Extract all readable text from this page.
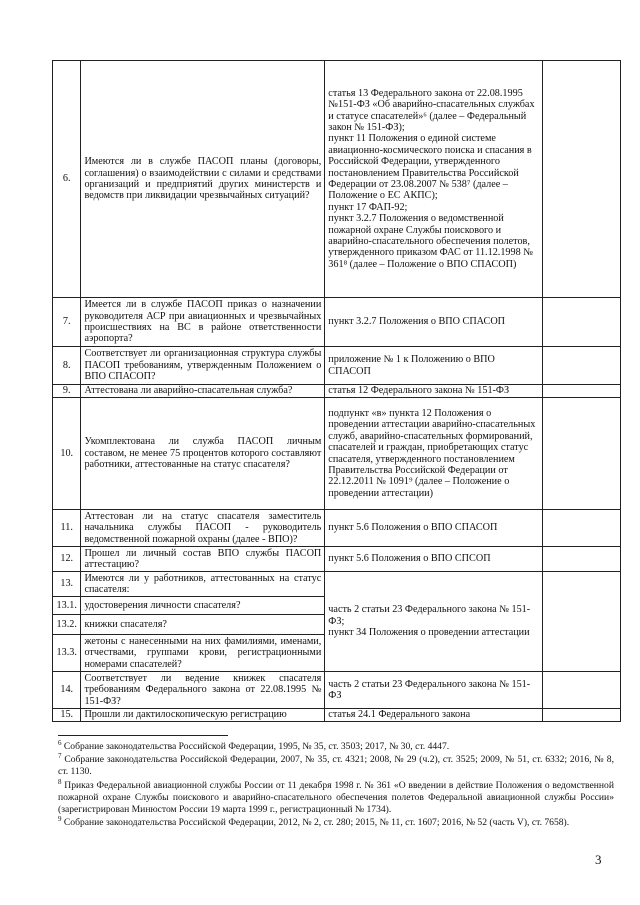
6.	Имеются ли в службе ПАСОП планы (договоры, соглашения) о взаимодействии с силами и средствами организаций и предприятий других министерств и ведомств при ликвидации чрезвычайных ситуаций?	статья 13 Федерального закона от 22.08.1995 №151-ФЗ «Об аварийно-спасательных службах и статусе спасателей»⁶ (далее – Федеральный закон № 151-ФЗ);
пункт 11 Положения о единой системе авиационно-космического поиска и спасания в Российской Федерации, утвержденного постановлением Правительства Российской Федерации от 23.08.2007 № 538⁷ (далее – Положение о ЕС АКПС);
пункт 17 ФАП-92;
пункт 3.2.7 Положения о ведомственной пожарной охране Службы поискового и аварийно-спасательного обеспечения полетов, утвержденного приказом ФАС от 11.12.1998 № 361⁸ (далее – Положение о ВПО СПАСОП)	
7.	Имеется ли в службе ПАСОП приказ о назначении руководителя АСР при авиационных и чрезвычайных происшествиях на ВС в районе ответственности аэропорта?	пункт 3.2.7 Положения о ВПО СПАСОП	
8.	Соответствует ли организационная структура службы ПАСОП требованиям, утвержденным Положением о ВПО СПАСОП?	приложение № 1 к Положению о ВПО СПАСОП	
9.	Аттестована ли аварийно-спасательная служба?	статья 12 Федерального закона № 151-ФЗ	
10.	Укомплектована ли служба ПАСОП личным составом, не менее 75 процентов которого составляют работники, аттестованные на статус спасателя?	подпункт «в» пункта 12 Положения о проведении аттестации аварийно-спасательных служб, аварийно-спасательных формирований, спасателей и граждан, приобретающих статус спасателя, утвержденного постановлением Правительства Российской Федерации от 22.12.2011 № 1091⁹ (далее – Положение о проведении аттестации)	
11.	Аттестован ли на статус спасателя заместитель начальника службы ПАСОП - руководитель ведомственной пожарной охраны (далее - ВПО)?	пункт 5.6 Положения о ВПО СПАСОП	
12.	Прошел ли личный состав ВПО службы ПАСОП аттестацию?	пункт 5.6 Положения о ВПО СПСОП	
13.	Имеются ли у работников, аттестованных на статус спасателя:	часть 2 статьи 23 Федерального закона № 151-ФЗ;
пункт 34 Положения о проведении аттестации	
13.1.	удостоверения личности спасателя?		
13.2.	книжки спасателя?		
13.3.	жетоны с нанесенными на них фамилиями, именами, отчествами, группами крови, регистрационными номерами спасателей?		
14.	Соответствует ли ведение книжек спасателя требованиям Федерального закона от 22.08.1995 № 151-ФЗ?	часть 2 статьи 23 Федерального закона № 151-ФЗ	
15.	Прошли ли дактилоскопическую регистрацию	статья 24.1 Федерального закона	

$^6$ Собрание законодательства Российской Федерации, 1995, № 35, ст. 3503; 2017, № 30, ст. 4447.

$^7$ Собрание законодательства Российской Федерации, 2007, № 35, ст. 4321; 2008, № 29 (ч.2), ст. 3525; 2009, № 51, ст. 6332; 2016, № 8, ст. 1130.

$^8$ Приказ Федеральной авиационной службы России от 11 декабря 1998 г. № 361 «О введении в действие Положения о ведомственной пожарной охране Службы поискового и аварийно-спасательного обеспечения полетов Федеральной авиационной службы России» (зарегистрирован Минюстом России 19 марта 1999 г., регистрационный № 1734).

$^9$ Собрание законодательства Российской Федерации, 2012, № 2, ст. 280; 2015, № 11, ст. 1607; 2016, № 52 (часть V), ст. 7658).

3
